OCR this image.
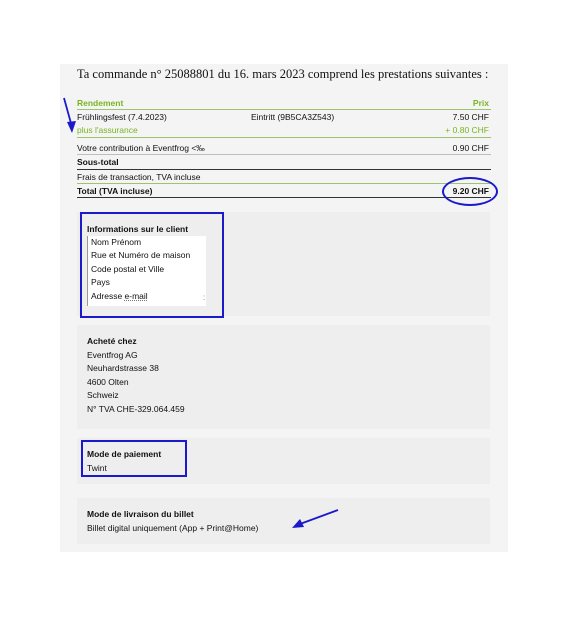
Ta commande n° 25088801 du 16. mars 2023 comprend les prestations suivantes :
Rendement	Prix
Frühlingsfest (7.4.2023)	Eintritt (9B5CA3Z543)	7.50 CHF
plus l'assurance	+ 0.80 CHF
Votre contribution à Eventfrog <‰	0.90 CHF
Sous-total
Frais de transaction, TVA incluse
Total (TVA incluse)	9.20 CHF
Informations sur le client
Nom Prénom
Rue et Numéro de maison
Code postal et Ville
Pays
Adresse e-mail	:
Acheté chez
Eventfrog AG
Neuhardstrasse 38
4600 Olten
Schweiz
N° TVA CHE-329.064.459
Mode de paiement
Twint
Mode de livraison du billet
Billet digital uniquement (App + Print@Home)
